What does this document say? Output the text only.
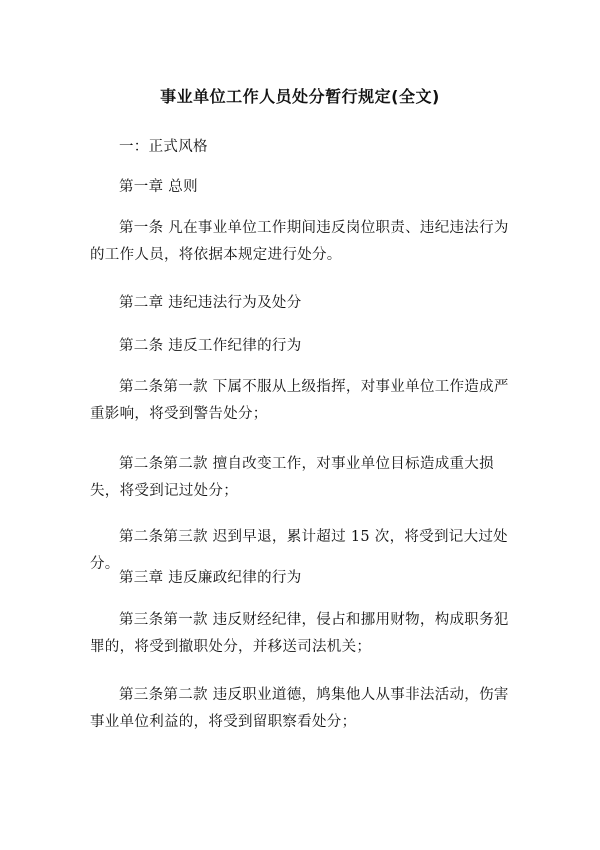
事业单位工作人员处分暂行规定(全文)

一：正式风格

第一章 总则

第一条 凡在事业单位工作期间违反岗位职责、违纪违法行为的工作人员，将依据本规定进行处分。

第二章 违纪违法行为及处分

第二条 违反工作纪律的行为

第二条第一款 下属不服从上级指挥，对事业单位工作造成严重影响，将受到警告处分；

第二条第二款 擅自改变工作，对事业单位目标造成重大损失，将受到记过处分；

第二条第三款 迟到早退，累计超过 15 次，将受到记大过处分。

第三章 违反廉政纪律的行为

第三条第一款 违反财经纪律，侵占和挪用财物，构成职务犯罪的，将受到撤职处分，并移送司法机关；

第三条第二款 违反职业道德，鸠集他人从事非法活动，伤害事业单位利益的，将受到留职察看处分；
